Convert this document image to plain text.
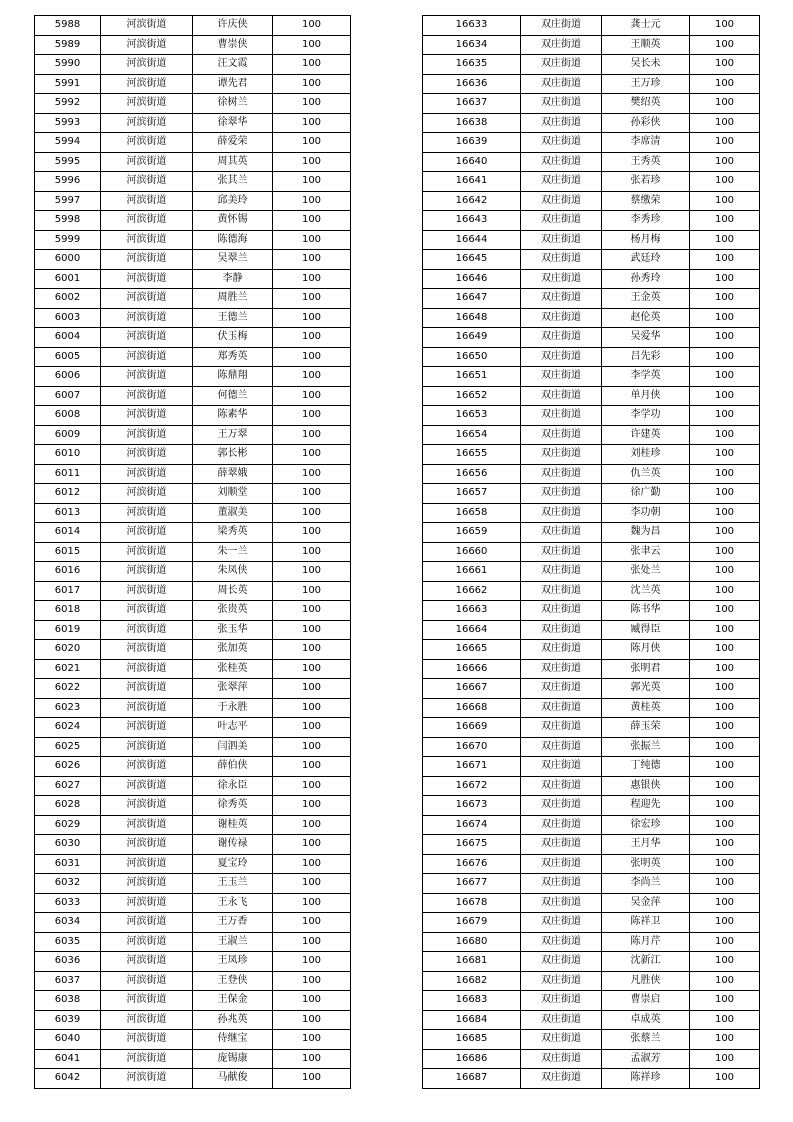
5988	河滨街道	许庆侠	100
5989	河滨街道	曹崇侠	100
5990	河滨街道	汪文霞	100
5991	河滨街道	谭先君	100
5992	河滨街道	徐树兰	100
5993	河滨街道	徐翠华	100
5994	河滨街道	薛爱荣	100
5995	河滨街道	周其英	100
5996	河滨街道	张其兰	100
5997	河滨街道	邱美玲	100
5998	河滨街道	黄怀锡	100
5999	河滨街道	陈德海	100
6000	河滨街道	吴翠兰	100
6001	河滨街道	李静	100
6002	河滨街道	周胜兰	100
6003	河滨街道	王德兰	100
6004	河滨街道	伏玉梅	100
6005	河滨街道	郑秀英	100
6006	河滨街道	陈鼎翔	100
6007	河滨街道	何德兰	100
6008	河滨街道	陈素华	100
6009	河滨街道	王万翠	100
6010	河滨街道	郭长彬	100
6011	河滨街道	薛翠娥	100
6012	河滨街道	刘顺堂	100
6013	河滨街道	董淑美	100
6014	河滨街道	梁秀英	100
6015	河滨街道	朱一兰	100
6016	河滨街道	朱凤侠	100
6017	河滨街道	周长英	100
6018	河滨街道	张贵英	100
6019	河滨街道	张玉华	100
6020	河滨街道	张加英	100
6021	河滨街道	张桂英	100
6022	河滨街道	张翠萍	100
6023	河滨街道	于永胜	100
6024	河滨街道	叶志平	100
6025	河滨街道	闫泗美	100
6026	河滨街道	薛伯侠	100
6027	河滨街道	徐永臣	100
6028	河滨街道	徐秀英	100
6029	河滨街道	谢桂英	100
6030	河滨街道	谢传禄	100
6031	河滨街道	夏宝玲	100
6032	河滨街道	王玉兰	100
6033	河滨街道	王永飞	100
6034	河滨街道	王万香	100
6035	河滨街道	王淑兰	100
6036	河滨街道	王凤珍	100
6037	河滨街道	王登侠	100
6038	河滨街道	王保金	100
6039	河滨街道	孙兆英	100
6040	河滨街道	侍继宝	100
6041	河滨街道	庞锡康	100
6042	河滨街道	马献俊	100
16633	双庄街道	龚士元	100
16634	双庄街道	王顺英	100
16635	双庄街道	吴长未	100
16636	双庄街道	王万珍	100
16637	双庄街道	樊绍英	100
16638	双庄街道	孙彩侠	100
16639	双庄街道	李席清	100
16640	双庄街道	王秀英	100
16641	双庄街道	张若珍	100
16642	双庄街道	蔡缴荣	100
16643	双庄街道	李秀珍	100
16644	双庄街道	杨月梅	100
16645	双庄街道	武廷玲	100
16646	双庄街道	孙秀玲	100
16647	双庄街道	王金英	100
16648	双庄街道	赵伦英	100
16649	双庄街道	吴爱华	100
16650	双庄街道	吕先彩	100
16651	双庄街道	李学英	100
16652	双庄街道	单月侠	100
16653	双庄街道	李学功	100
16654	双庄街道	许建英	100
16655	双庄街道	刘桂珍	100
16656	双庄街道	仇兰英	100
16657	双庄街道	徐广勤	100
16658	双庄街道	李功朝	100
16659	双庄街道	魏为昌	100
16660	双庄街道	张聿云	100
16661	双庄街道	张处兰	100
16662	双庄街道	沈兰英	100
16663	双庄街道	陈书华	100
16664	双庄街道	臧得臣	100
16665	双庄街道	陈月侠	100
16666	双庄街道	张明君	100
16667	双庄街道	郭光英	100
16668	双庄街道	黄桂英	100
16669	双庄街道	薛玉荣	100
16670	双庄街道	张振兰	100
16671	双庄街道	丁纯德	100
16672	双庄街道	惠银侠	100
16673	双庄街道	程迎先	100
16674	双庄街道	徐宏珍	100
16675	双庄街道	王月华	100
16676	双庄街道	张明英	100
16677	双庄街道	李尚兰	100
16678	双庄街道	吴金萍	100
16679	双庄街道	陈祥卫	100
16680	双庄街道	陈月芹	100
16681	双庄街道	沈新江	100
16682	双庄街道	凡胜侠	100
16683	双庄街道	曹崇启	100
16684	双庄街道	卓成英	100
16685	双庄街道	张蔡兰	100
16686	双庄街道	孟淑芳	100
16687	双庄街道	陈祥珍	100
